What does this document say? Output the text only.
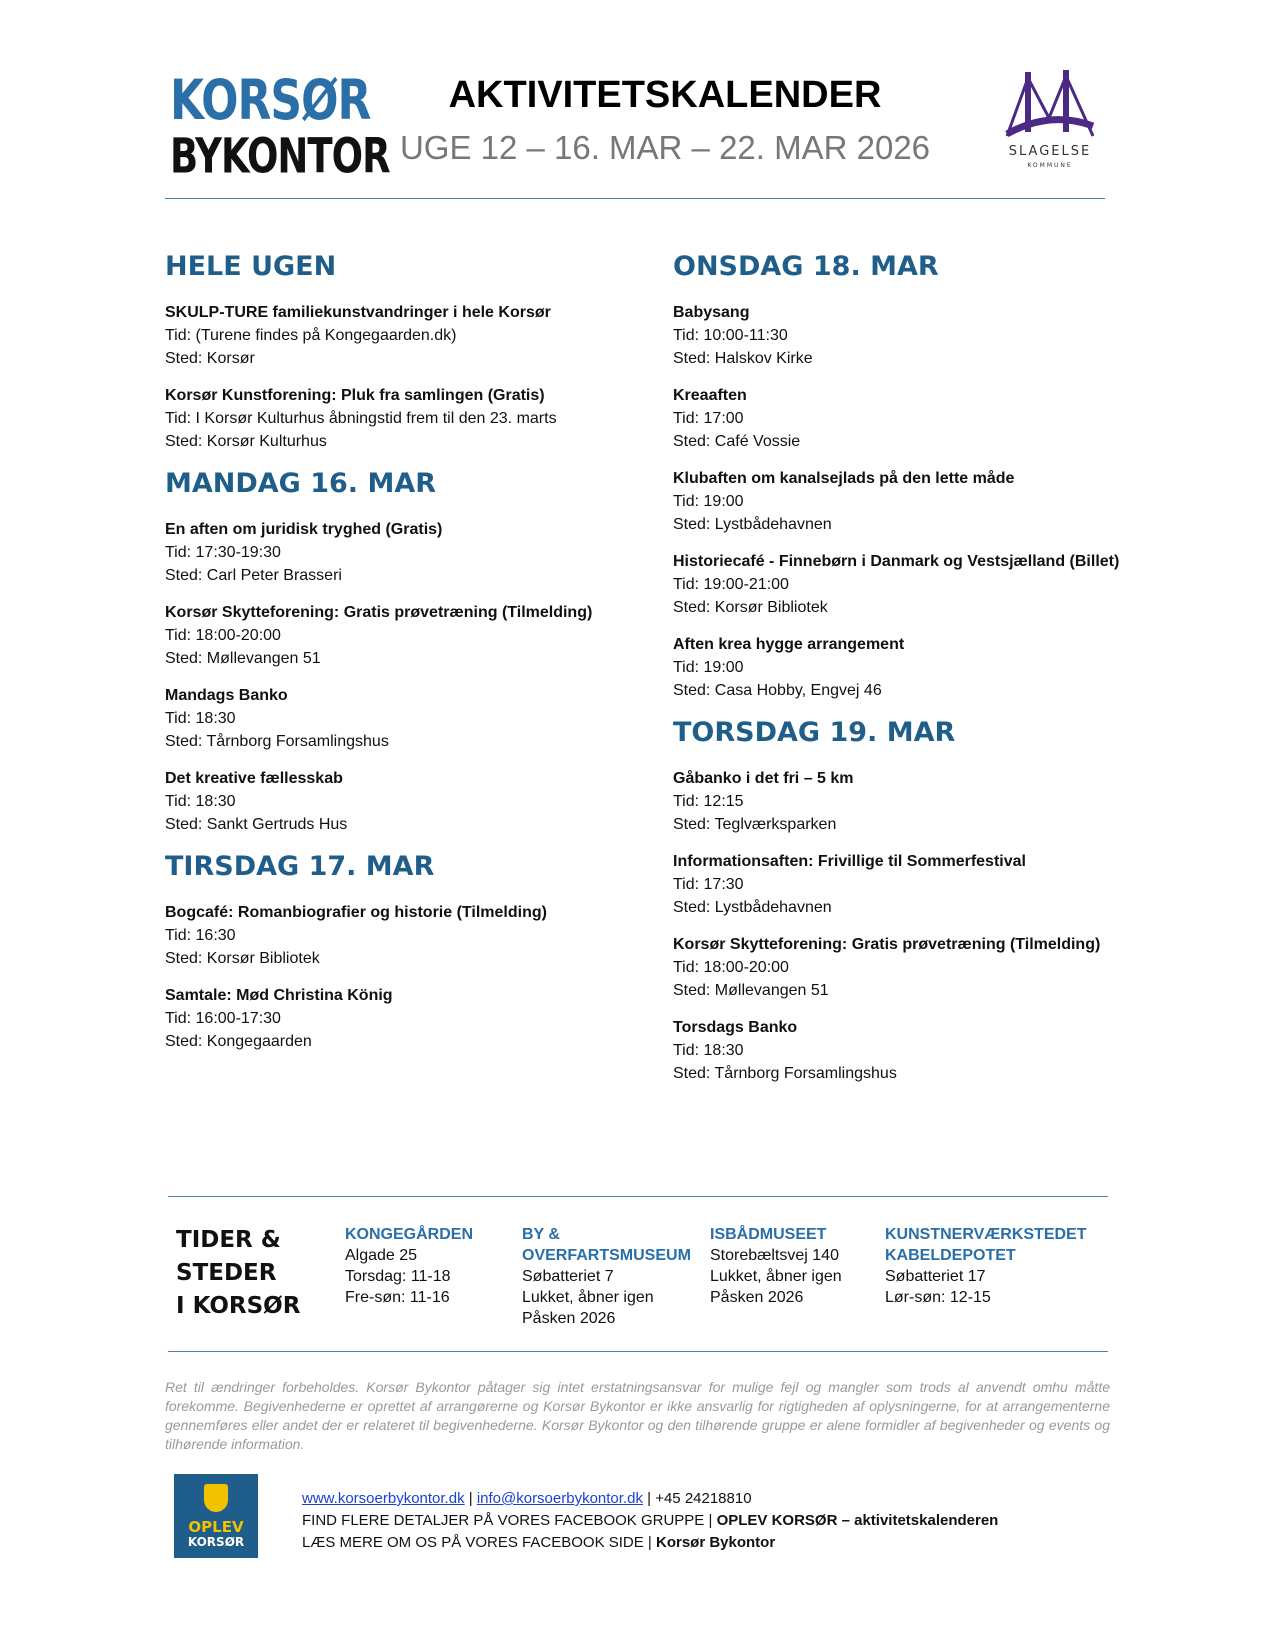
KORSØR
BYKONTOR
AKTIVITETSKALENDER
UGE 12 – 16. MAR – 22. MAR 2026	SLAGELSE
KOMMUNE
HELE UGEN
SKULP-TURE familiekunstvandringer i hele Korsør
Tid: (Turene findes på Kongegaarden.dk)
Sted: Korsør
Korsør Kunstforening: Pluk fra samlingen (Gratis)
Tid: I Korsør Kulturhus åbningstid frem til den 23. marts
Sted: Korsør Kulturhus
MANDAG 16. MAR
En aften om juridisk tryghed (Gratis)
Tid: 17:30-19:30
Sted: Carl Peter Brasseri
Korsør Skytteforening: Gratis prøvetræning (Tilmelding)
Tid: 18:00-20:00
Sted: Møllevangen 51
Mandags Banko
Tid: 18:30
Sted: Tårnborg Forsamlingshus
Det kreative fællesskab
Tid: 18:30
Sted: Sankt Gertruds Hus
TIRSDAG 17. MAR
Bogcafé: Romanbiografier og historie (Tilmelding)
Tid: 16:30
Sted: Korsør Bibliotek
Samtale: Mød Christina König
Tid: 16:00-17:30
Sted: Kongegaarden
ONSDAG 18. MAR
Babysang
Tid: 10:00-11:30
Sted: Halskov Kirke
Kreaaften
Tid: 17:00
Sted: Café Vossie
Klubaften om kanalsejlads på den lette måde
Tid: 19:00
Sted: Lystbådehavnen
Historiecafé - Finnebørn i Danmark og Vestsjælland (Billet)
Tid: 19:00-21:00
Sted: Korsør Bibliotek
Aften krea hygge arrangement
Tid: 19:00
Sted: Casa Hobby, Engvej 46
TORSDAG 19. MAR
Gåbanko i det fri – 5 km
Tid: 12:15
Sted: Teglværksparken
Informationsaften: Frivillige til Sommerfestival
Tid: 17:30
Sted: Lystbådehavnen
Korsør Skytteforening: Gratis prøvetræning (Tilmelding)
Tid: 18:00-20:00
Sted: Møllevangen 51
Torsdags Banko
Tid: 18:30
Sted: Tårnborg Forsamlingshus
TIDER &
STEDER
I KORSØR
KONGEGÅRDEN
Algade 25
Torsdag: 11-18
Fre-søn: 11-16
BY &
OVERFARTSMUSEUM
Søbatteriet 7
Lukket, åbner igen
Påsken 2026
ISBÅDMUSEET
Storebæltsvej 140
Lukket, åbner igen
Påsken 2026
KUNSTNERVÆRKSTEDET
KABELDEPOTET
Søbatteriet 17
Lør-søn: 12-15
Ret til ændringer forbeholdes. Korsør Bykontor påtager sig intet erstatningsansvar for mulige fejl og mangler som trods al anvendt omhu måtte forekomme. Begivenhederne er oprettet af arrangørerne og Korsør Bykontor er ikke ansvarlig for rigtigheden af oplysningerne, for at arrangementerne gennemføres eller andet der er relateret til begivenhederne. Korsør Bykontor og den tilhørende gruppe er alene formidler af begivenheder og events og tilhørende information.
OPLEV
KORSØR
www.korsoerbykontor.dk | info@korsoerbykontor.dk | +45 24218810
FIND FLERE DETALJER PÅ VORES FACEBOOK GRUPPE | OPLEV KORSØR – aktivitetskalenderen
LÆS MERE OM OS PÅ VORES FACEBOOK SIDE | Korsør Bykontor
